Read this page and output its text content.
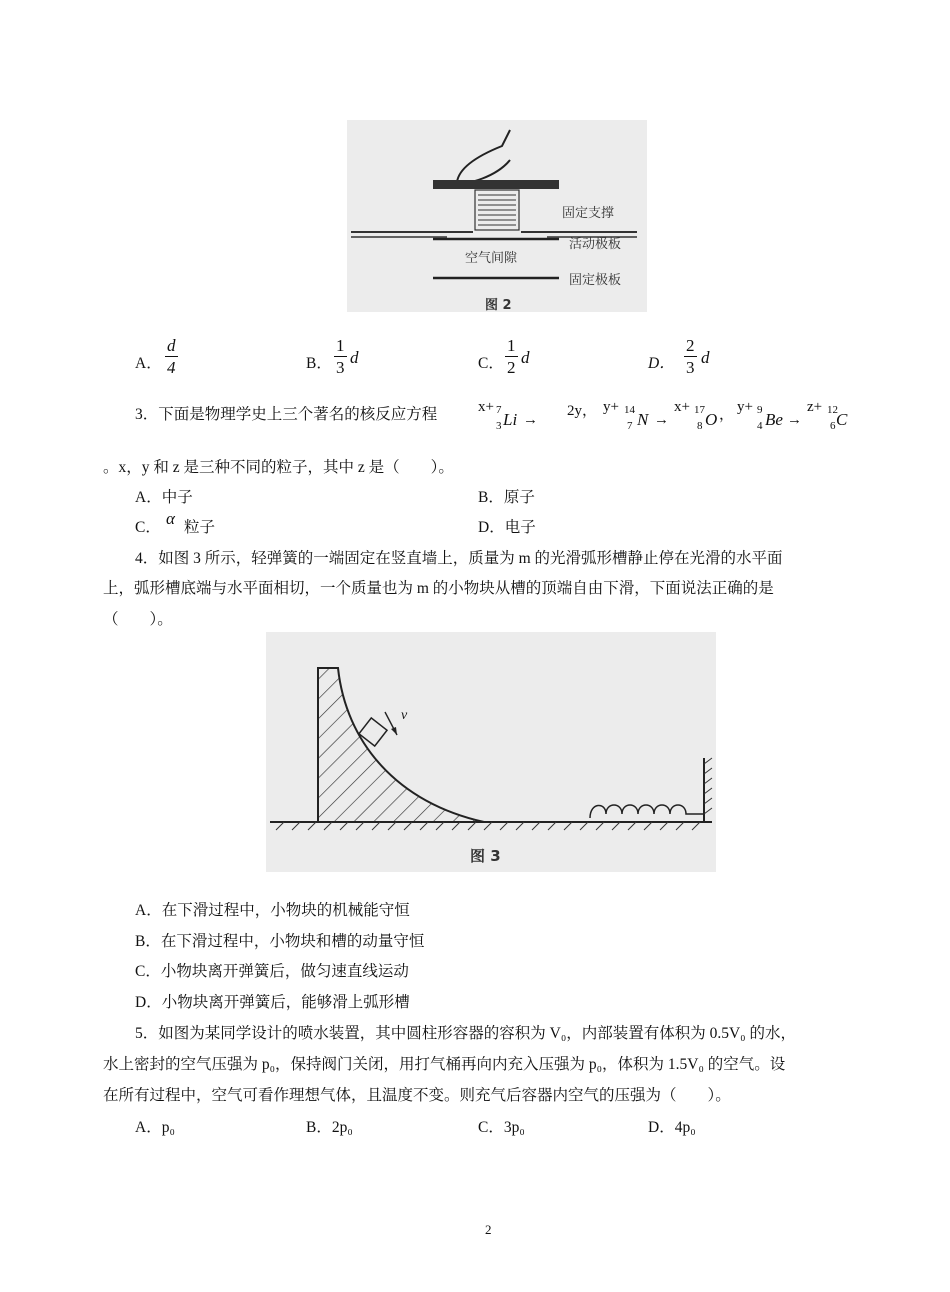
固定支撑
活动极板
空气间隙
固定极板
图 2
A． $\frac{d}{4}$	B． $\frac{1}{3}$ d	C． $\frac{1}{2}$ d	D． $\frac{2}{3}$ d
3．下面是物理学史上三个著名的核反应方程	x+ 7
3 Li →
2y， y+ 14
7 N →
x+ 17
8 O ， y+ 9
4 Be →
z+ 12
6 C
。x，y 和 z 是三种不同的粒子，其中 z 是（　　）。
A．中子	B．原子
C． α 粒子	D．电子
4．如图 3 所示，轻弹簧的一端固定在竖直墙上，质量为 m 的光滑弧形槽静止停在光滑的水平面
上，弧形槽底端与水平面相切，一个质量也为 m 的小物块从槽的顶端自由下滑，下面说法正确的是
（　　）。
v
图 3
A．在下滑过程中，小物块的机械能守恒
B．在下滑过程中，小物块和槽的动量守恒
C．小物块离开弹簧后，做匀速直线运动
D．小物块离开弹簧后，能够滑上弧形槽
5．如图为某同学设计的喷水装置，其中圆柱形容器的容积为 V₀，内部装置有体积为 0.5V₀ 的水，
水上密封的空气压强为 p₀，保持阀门关闭，用打气桶再向内充入压强为 p₀，体积为 1.5V₀ 的空气。设
在所有过程中，空气可看作理想气体，且温度不变。则充气后容器内空气的压强为（　　）。
A．p₀	B．2p₀	C．3p₀	D．4p₀
2
